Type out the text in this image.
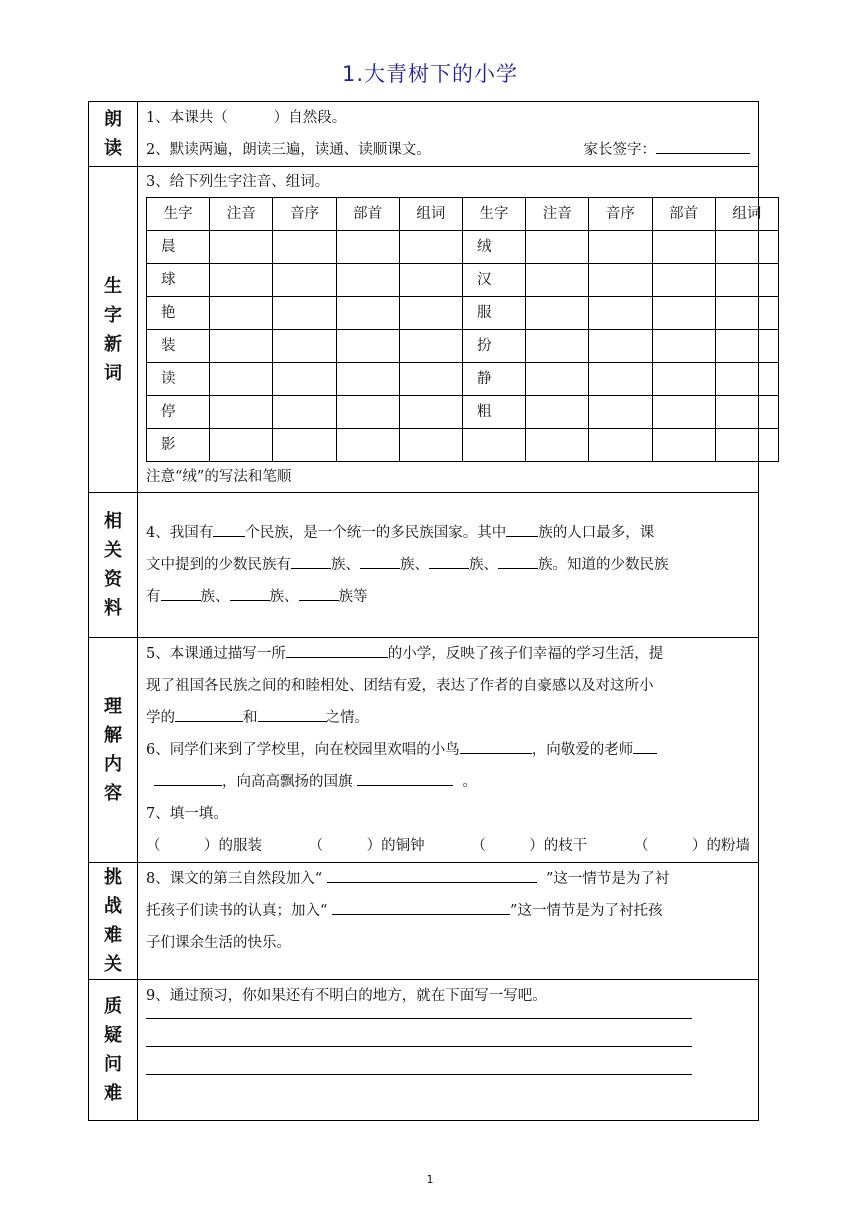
1.大青树下的小学
朗
读

1、本课共（	）自然段。
2、默读两遍，朗读三遍，读通、读顺课文。	家长签字：

生
字
新
词

3、给下列生字注音、组词。
生字	注音	音序	部首	组词	生字	注音	音序	部首	组词
晨					绒				
球					汉				
艳					服				
装					扮				
读					静				
停					粗				
影									
注意“绒”的写法和笔顺

相
关
资
料

4、我国有 个民族，是一个统一的多民族国家。其中 族的人口最多，课
文中提到的少数民族有	族、	族、	族、	族。知道的少数民族
有	族、	族、	族等

理
解
内
容

5、本课通过描写一所	的小学，反映了孩子们幸福的学习生活，提
现了祖国各民族之间的和睦相处、团结有爱，表达了作者的自豪感以及对这所小
学的	和	之情。
6、同学们来到了学校里，向在校园里欢唱的小鸟	，向敬爱的老师
，向高高飘扬的国旗	。
7、填一填。
（　　　）的服装	（　　　）的铜钟	（　　　）的枝干	（　　　）的粉墙

挑
战
难
关

8、课文的第三自然段加入“	”这一情节是为了衬
托孩子们读书的认真；加入“	”这一情节是为了衬托孩
子们课余生活的快乐。

质
疑
问
难

9、通过预习，你如果还有不明白的地方，就在下面写一写吧。
1
